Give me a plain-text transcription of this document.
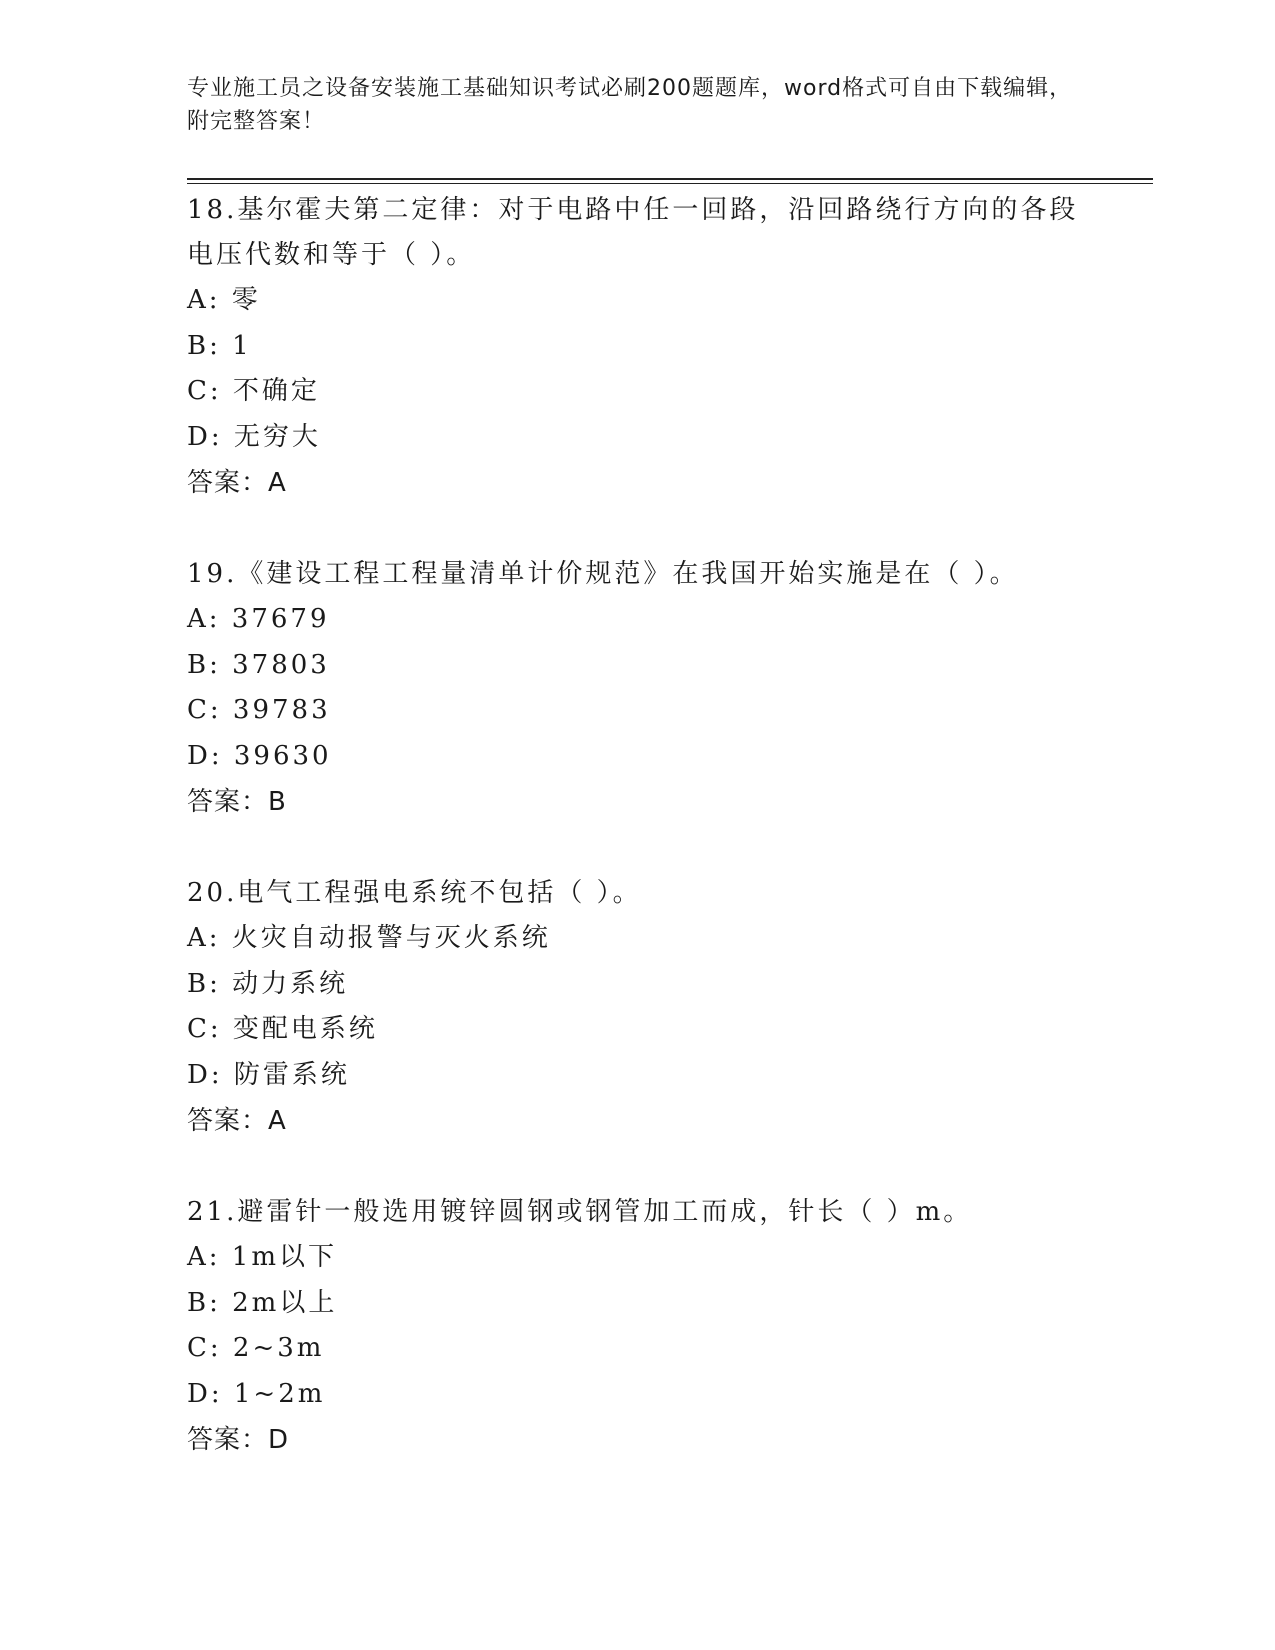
专业施工员之设备安装施工基础知识考试必刷200题题库，word格式可自由下载编辑，附完整答案！

18.基尔霍夫第二定律：对于电路中任一回路，沿回路绕行方向的各段电压代数和等于（ ）。

A: 零

B: 1

C: 不确定

D: 无穷大

答案：A

19.《建设工程工程量清单计价规范》在我国开始实施是在（ ）。

A: 37679

B: 37803

C: 39783

D: 39630

答案：B

20.电气工程强电系统不包括（ ）。

A: 火灾自动报警与灭火系统

B: 动力系统

C: 变配电系统

D: 防雷系统

答案：A

21.避雷针一般选用镀锌圆钢或钢管加工而成，针长（ ）m。

A: 1m以下

B: 2m以上

C: 2~3m

D: 1~2m

答案：D
